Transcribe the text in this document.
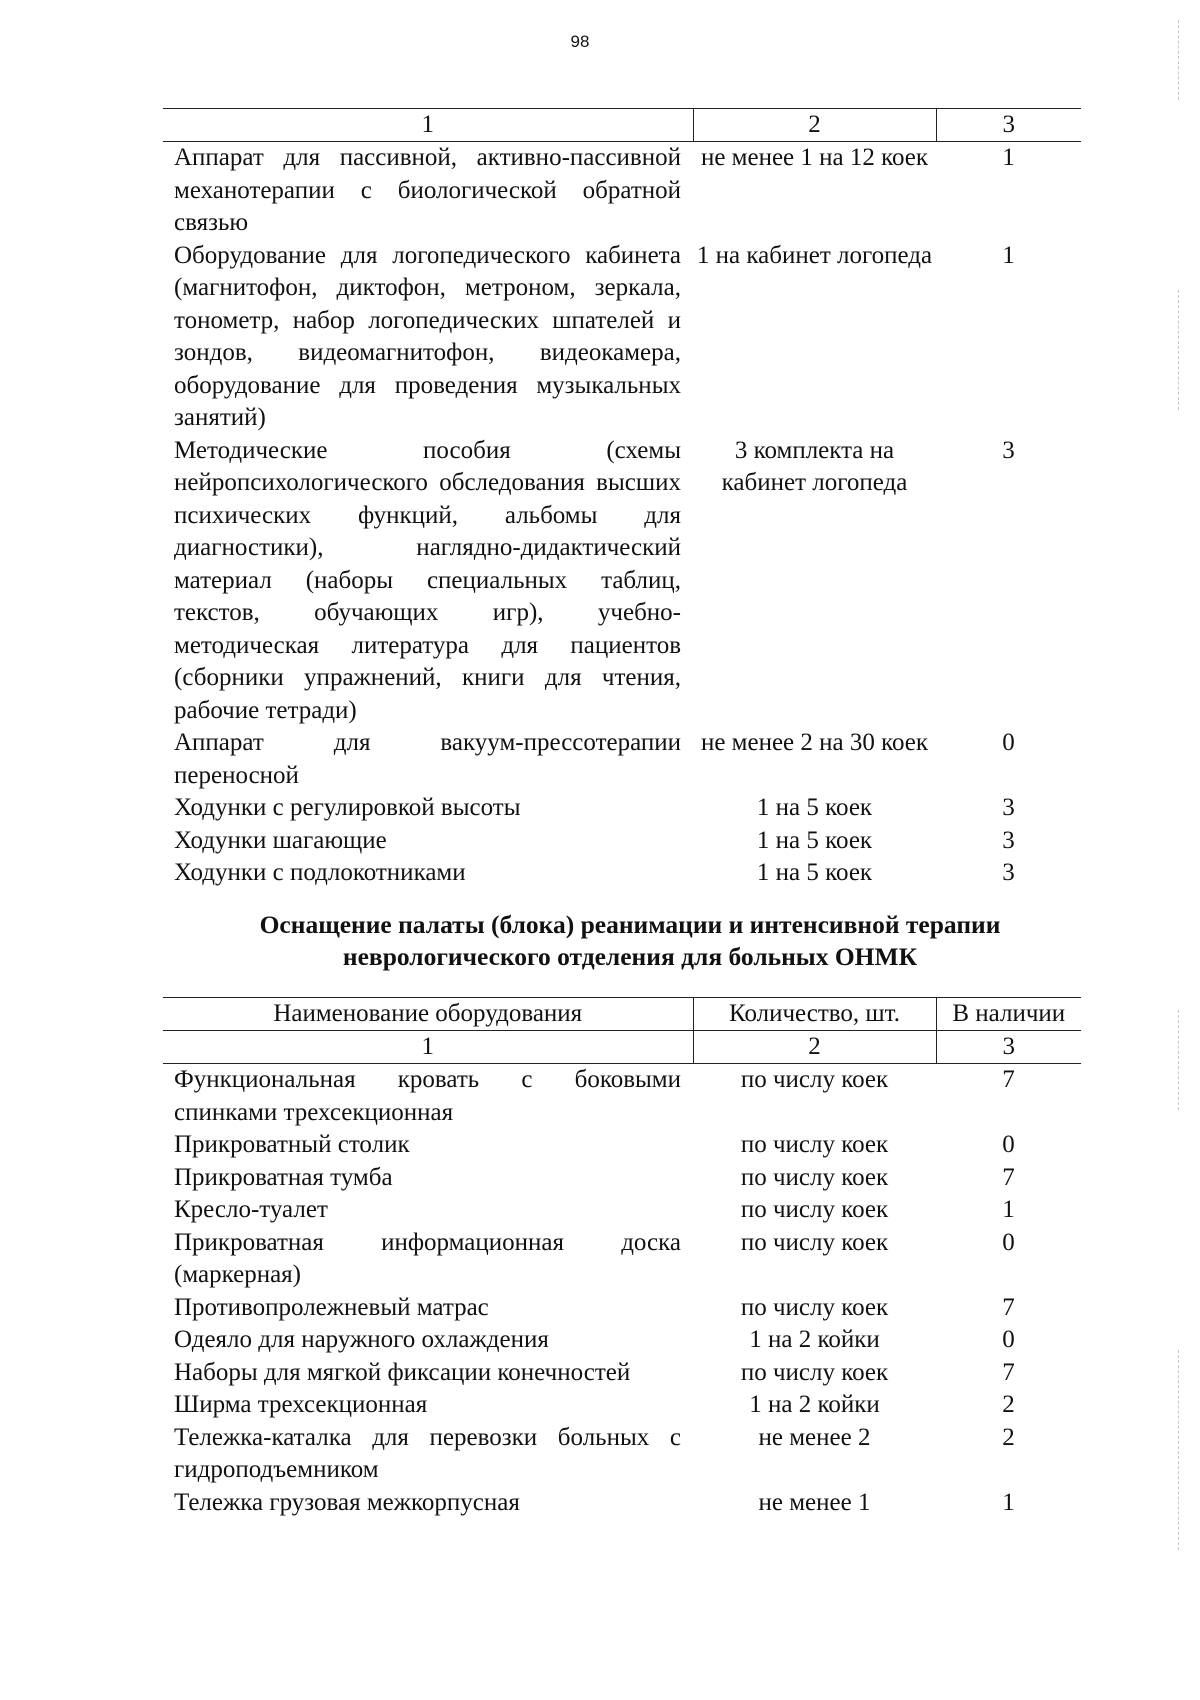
98
1	2	3
Аппарат для пассивной, активно-пассивной механотерапии с биологической обратной связью	не менее 1 на 12 коек	1
Оборудование для логопедического кабинета (магнитофон, диктофон, метроном, зеркала, тонометр, набор логопедических шпателей и зондов, видеомагнитофон, видеокамера, оборудование для проведения музыкальных занятий)	1 на кабинет логопеда	1
Методические пособия (схемы нейропсихологического обследования высших психических функций, альбомы для диагностики), наглядно-дидактический материал (наборы специальных таблиц, текстов, обучающих игр), учебно-методическая литература для пациентов (сборники упражнений, книги для чтения, рабочие тетради)	3 комплекта на кабинет логопеда	3
Аппарат для вакуум-прессотерапии переносной	не менее 2 на 30 коек	0
Ходунки с регулировкой высоты	1 на 5 коек	3
Ходунки шагающие	1 на 5 коек	3
Ходунки с подлокотниками	1 на 5 коек	3
Оснащение палаты (блока) реанимации и интенсивной терапии
неврологического отделения для больных ОНМК
Наименование оборудования	Количество, шт.	В наличии
1	2	3
Функциональная кровать с боковыми спинками трехсекционная	по числу коек	7
Прикроватный столик	по числу коек	0
Прикроватная тумба	по числу коек	7
Кресло-туалет	по числу коек	1
Прикроватная информационная доска (маркерная)	по числу коек	0
Противопролежневый матрас	по числу коек	7
Одеяло для наружного охлаждения	1 на 2 койки	0
Наборы для мягкой фиксации конечностей	по числу коек	7
Ширма трехсекционная	1 на 2 койки	2
Тележка-каталка для перевозки больных с гидроподъемником	не менее 2	2
Тележка грузовая межкорпусная	не менее 1	1
